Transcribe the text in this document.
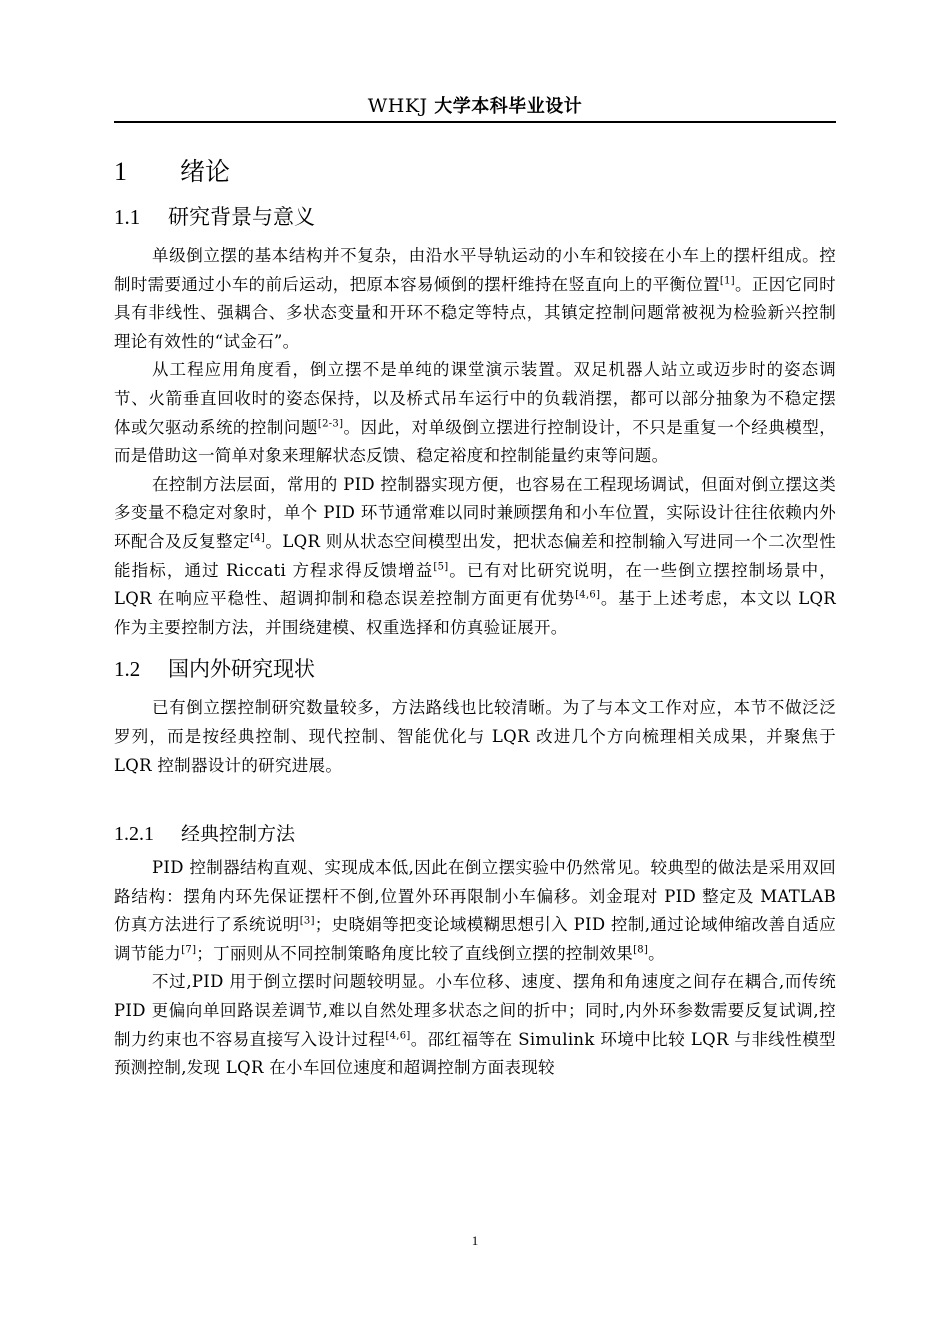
WHKJ 大学本科毕业设计
1	绪论
1.1	研究背景与意义

单级倒立摆的基本结构并不复杂，由沿水平导轨运动的小车和铰接在小车上的摆杆组成。控制时需要通过小车的前后运动，把原本容易倾倒的摆杆维持在竖直向上的平衡位置[1]。正因它同时具有非线性、强耦合、多状态变量和开环不稳定等特点，其镇定控制问题常被视为检验新兴控制理论有效性的“试金石”。

从工程应用角度看，倒立摆不是单纯的课堂演示装置。双足机器人站立或迈步时的姿态调节、火箭垂直回收时的姿态保持，以及桥式吊车运行中的负载消摆，都可以部分抽象为不稳定摆体或欠驱动系统的控制问题[2-3]。因此，对单级倒立摆进行控制设计，不只是重复一个经典模型，而是借助这一简单对象来理解状态反馈、稳定裕度和控制能量约束等问题。

在控制方法层面，常用的 PID 控制器实现方便，也容易在工程现场调试，但面对倒立摆这类多变量不稳定对象时，单个 PID 环节通常难以同时兼顾摆角和小车位置，实际设计往往依赖内外环配合及反复整定[4]。LQR 则从状态空间模型出发，把状态偏差和控制输入写进同一个二次型性能指标，通过 Riccati 方程求得反馈增益[5]。已有对比研究说明，在一些倒立摆控制场景中，LQR 在响应平稳性、超调抑制和稳态误差控制方面更有优势[4,6]。基于上述考虑，本文以 LQR 作为主要控制方法，并围绕建模、权重选择和仿真验证展开。

1.2	国内外研究现状

已有倒立摆控制研究数量较多，方法路线也比较清晰。为了与本文工作对应，本节不做泛泛罗列，而是按经典控制、现代控制、智能优化与 LQR 改进几个方向梳理相关成果，并聚焦于 LQR 控制器设计的研究进展。

1.2.1	经典控制方法

PID 控制器结构直观、实现成本低,因此在倒立摆实验中仍然常见。较典型的做法是采用双回路结构：摆角内环先保证摆杆不倒,位置外环再限制小车偏移。刘金琨对 PID 整定及 MATLAB 仿真方法进行了系统说明[3]；史晓娟等把变论域模糊思想引入 PID 控制,通过论域伸缩改善自适应调节能力[7]；丁丽则从不同控制策略角度比较了直线倒立摆的控制效果[8]。

不过,PID 用于倒立摆时问题较明显。小车位移、速度、摆角和角速度之间存在耦合,而传统 PID 更偏向单回路误差调节,难以自然处理多状态之间的折中；同时,内外环参数需要反复试调,控制力约束也不容易直接写入设计过程[4,6]。邵红福等在 Simulink 环境中比较 LQR 与非线性模型预测控制,发现 LQR 在小车回位速度和超调控制方面表现较

1
